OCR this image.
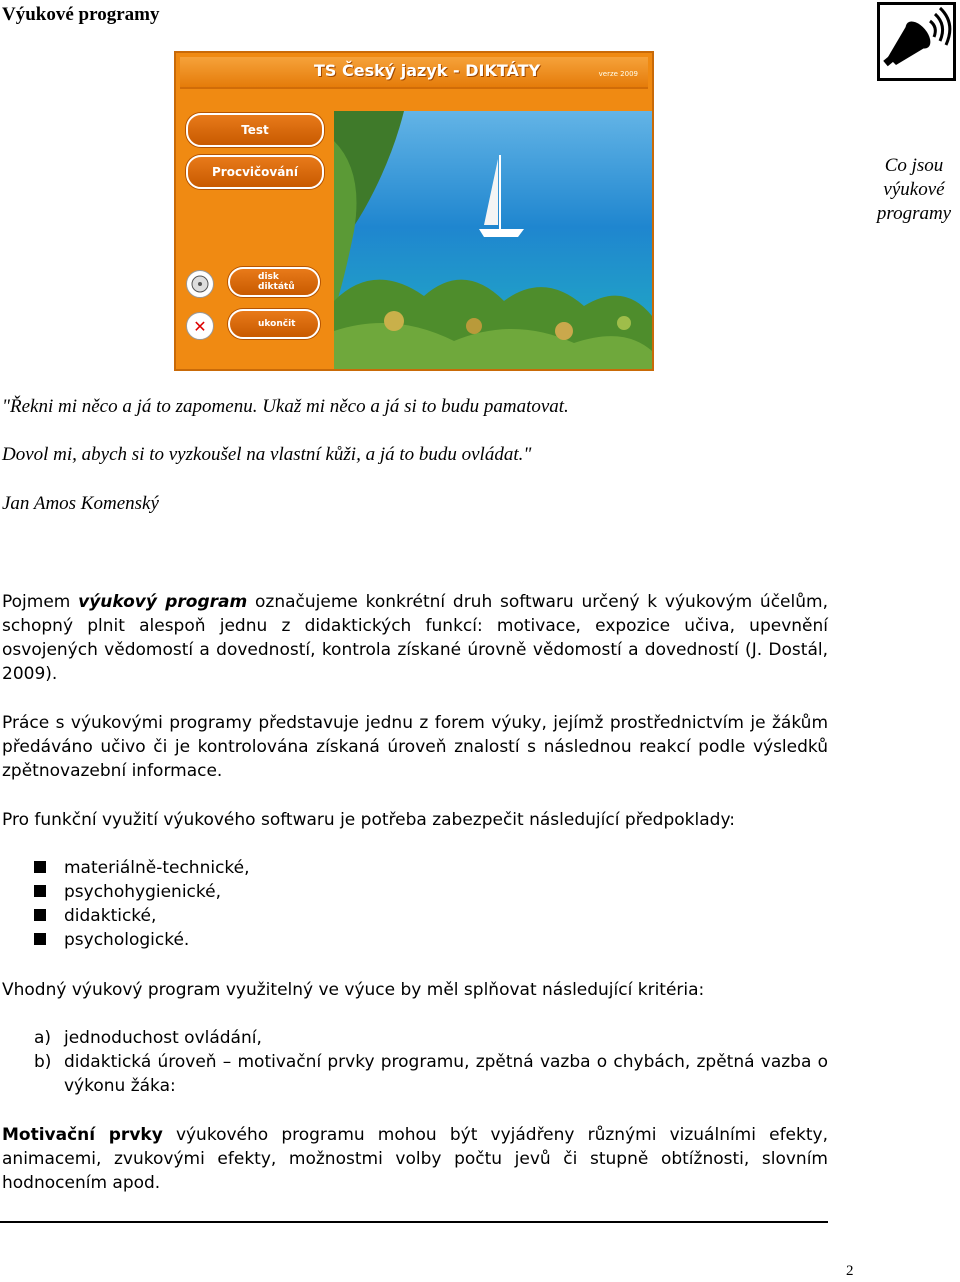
Výukové programy
Co jsou výukové programy
TS Český jazyk - DIKTÁTY	verze 2009
Test
Procvičování
disk diktátů
✕	ukončit
"Řekni mi něco a já to zapomenu. Ukaž mi něco a já si to budu pamatovat.
Dovol mi, abych si to vyzkoušel na vlastní kůži, a já to budu ovládat."
Jan Amos Komenský

Pojmem výukový program označujeme konkrétní druh softwaru určený k výukovým účelům, schopný plnit alespoň jednu z didaktických funkcí: motivace, expozice učiva, upevnění osvojených vědomostí a dovedností, kontrola získané úrovně vědomostí a dovedností (J. Dostál, 2009).

Práce s výukovými programy představuje jednu z forem výuky, jejímž prostřednictvím je žákům předáváno učivo či je kontrolována získaná úroveň znalostí s následnou reakcí podle výsledků zpětnovazební informace.

Pro funkční využití výukového softwaru je potřeba zabezpečit následující předpoklady:

materiálně-technické,
psychohygienické,
didaktické,
psychologické.

Vhodný výukový program využitelný ve výuce by měl splňovat následující kritéria:

a) jednoduchost ovládání,
b) didaktická úroveň – motivační prvky programu, zpětná vazba o chybách, zpětná vazba o výkonu žáka:

Motivační prvky výukového programu mohou být vyjádřeny různými vizuálními efekty, animacemi, zvukovými efekty, možnostmi volby počtu jevů či stupně obtížnosti, slovním hodnocením apod.

2
